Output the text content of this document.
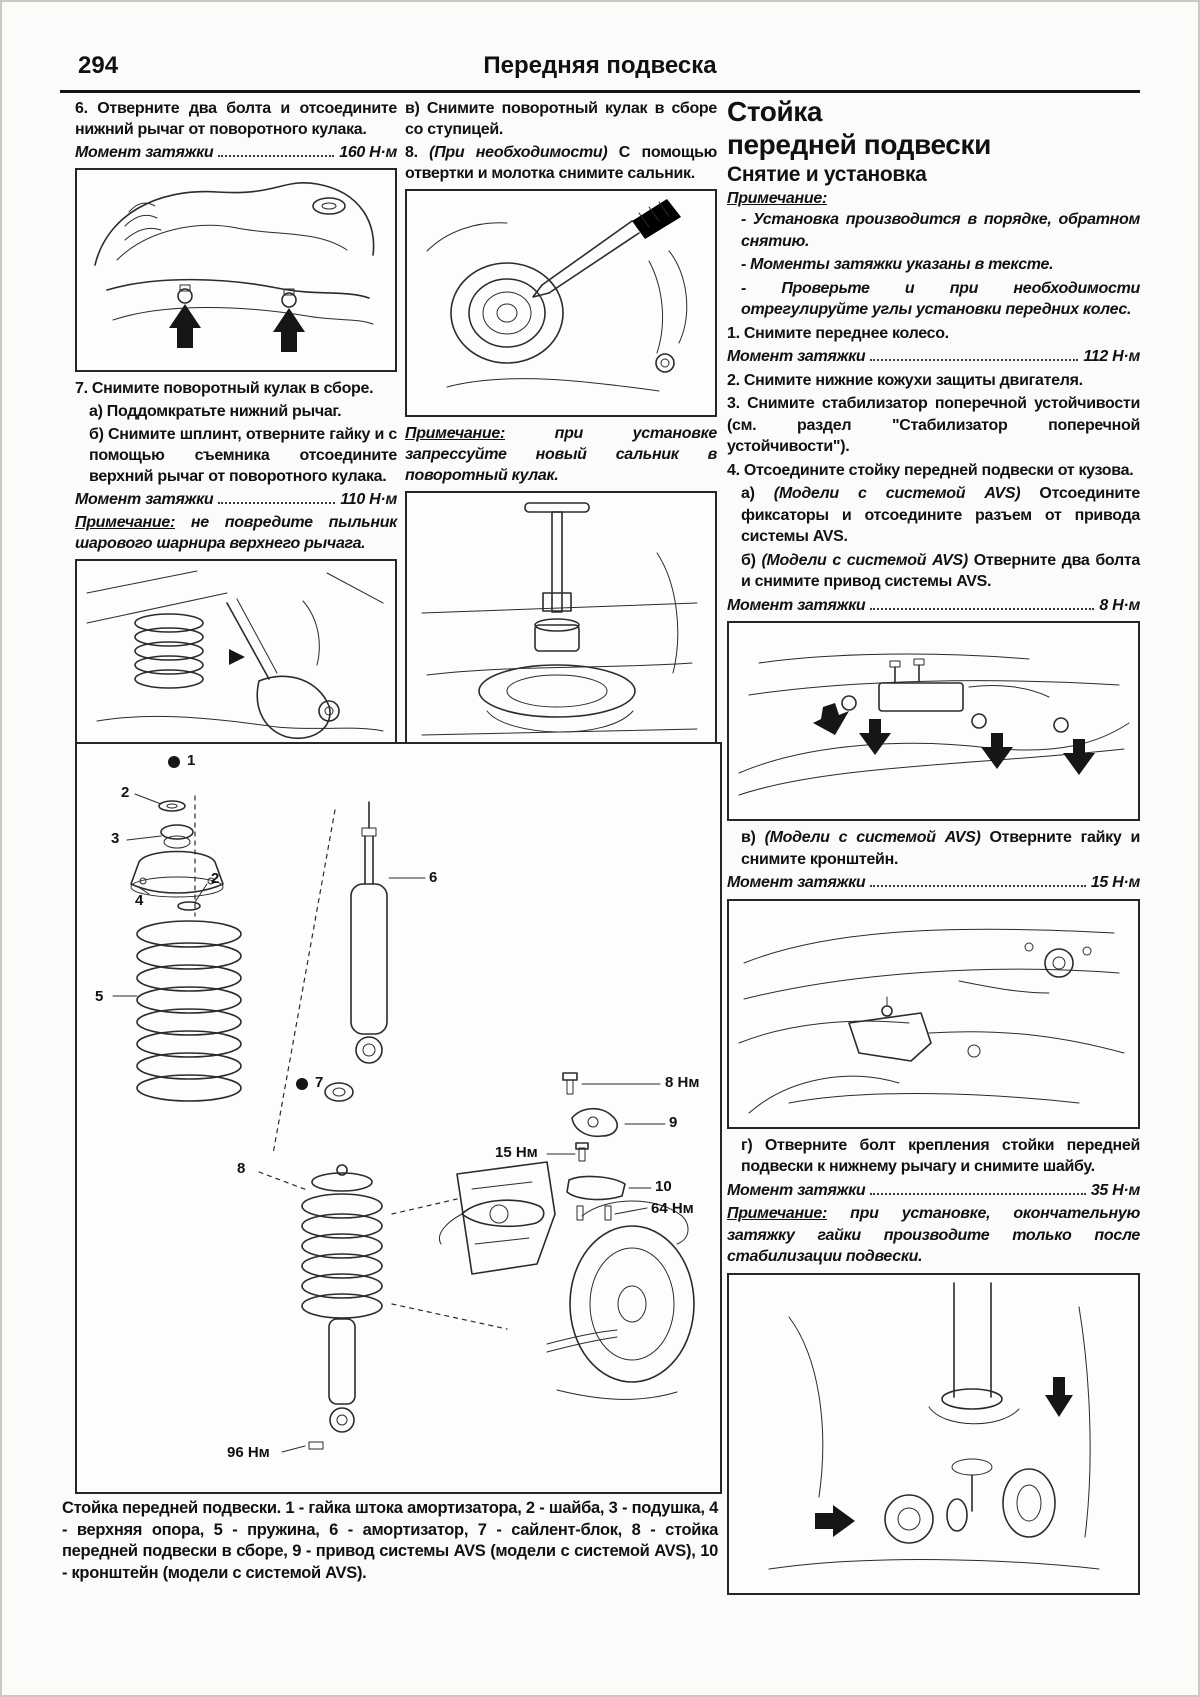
294	Передняя подвеска

6. Отверните два болта и отсоедините нижний рычаг от поворотного кулака.

Момент затяжки	160 Н·м

7. Снимите поворотный кулак в сборе.

а) Поддомкратьте нижний рычаг.

б) Снимите шплинт, отверните гайку и с помощью съемника отсоедините верхний рычаг от поворотного кулака.

Момент затяжки	110 Н·м

Примечание: не повредите пыльник шарового шарнира верхнего рычага.

в) Снимите поворотный кулак в сборе со ступицей.

8. (При необходимости) С помощью отвертки и молотка снимите сальник.

Примечание: при установке запрессуйте новый сальник в поворотный кулак.

1
2
3
4
2
5
6
7	8 Нм
9
15 Нм
10
64 Нм
8
96 Нм
Стойка передней подвески. 1 - гайка штока амортизатора, 2 - шайба, 3 - подушка, 4 - верхняя опора, 5 - пружина, 6 - амортизатор, 7 - сайлент-блок, 8 - стойка передней подвески в сборе, 9 - привод системы AVS (модели с системой AVS), 10 - кронштейн (модели с системой AVS).

Стойка

передней подвески

Снятие и установка

Примечание:

- Установка производится в порядке, обратном снятию.

- Моменты затяжки указаны в тексте.

- Проверьте и при необходимости отрегулируйте углы установки передних колес.

1. Снимите переднее колесо.

Момент затяжки	112 Н·м

2. Снимите нижние кожухи защиты двигателя.

3. Снимите стабилизатор поперечной устойчивости (см. раздел "Стабилизатор поперечной устойчивости").

4. Отсоедините стойку передней подвески от кузова.

а) (Модели с системой AVS) Отсоедините фиксаторы и отсоедините разъем от привода системы AVS.

б) (Модели с системой AVS) Отверните два болта и снимите привод системы AVS.

Момент затяжки	8 Н·м

в) (Модели с системой AVS) Отверните гайку и снимите кронштейн.

Момент затяжки	15 Н·м

г) Отверните болт крепления стойки передней подвески к нижнему рычагу и снимите шайбу.

Момент затяжки	35 Н·м

Примечание: при установке, окончательную затяжку гайки производите только после стабилизации подвески.
